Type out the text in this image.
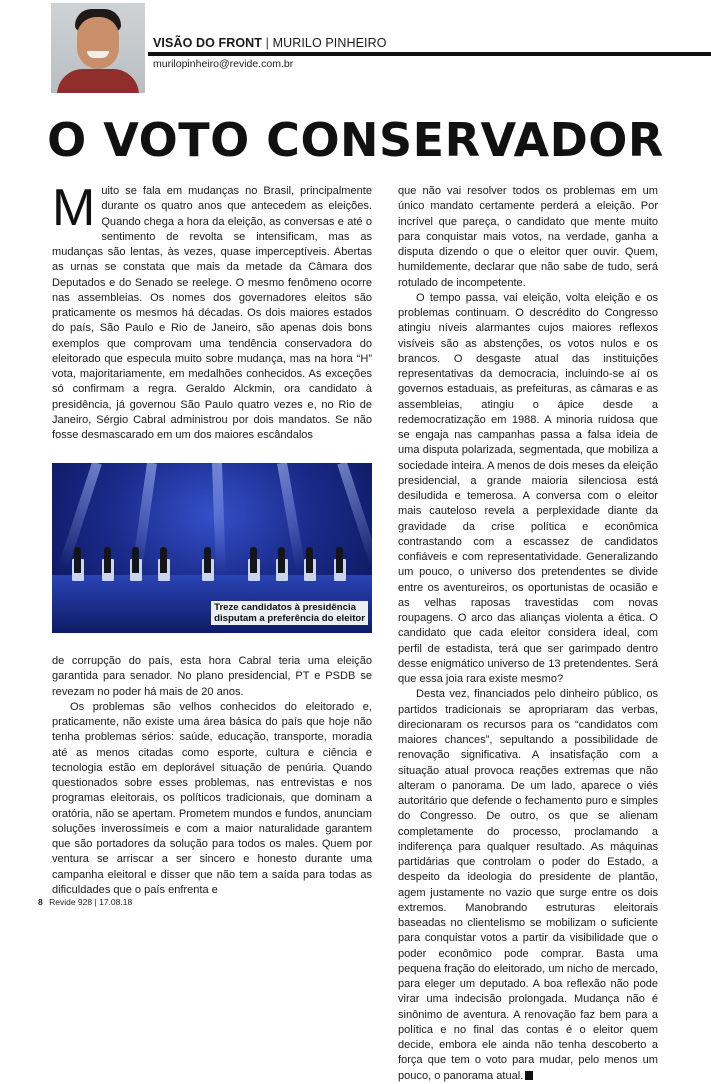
VISÃO DO FRONT | MURILO PINHEIRO
murilopinheiro@revide.com.br
O VOTO CONSERVADOR

Muito se fala em mudanças no Brasil, principalmente durante os quatro anos que antecedem as eleições. Quando chega a hora da eleição, as conversas e até o sentimento de revolta se intensificam, mas as mudanças são lentas, às vezes, quase imperceptíveis. Abertas as urnas se constata que mais da metade da Câmara dos Deputados e do Senado se reelege. O mesmo fenômeno ocorre nas assembleias. Os nomes dos governadores eleitos são praticamente os mesmos há décadas. Os dois maiores estados do país, São Paulo e Rio de Janeiro, são apenas dois bons exemplos que comprovam uma tendência conservadora do eleitorado que especula muito sobre mudança, mas na hora “H” vota, majoritariamente, em medalhões conhecidos. As exceções só confirmam a regra. Geraldo Alckmin, ora candidato à presidência, já governou São Paulo quatro vezes e, no Rio de Janeiro, Sérgio Cabral administrou por dois mandatos. Se não fosse desmascarado em um dos maiores escândalos

Treze candidatos à presidência
disputam a preferência do eleitor

de corrupção do país, esta hora Cabral teria uma eleição garantida para senador. No plano presidencial, PT e PSDB se revezam no poder há mais de 20 anos.

Os problemas são velhos conhecidos do eleitorado e, praticamente, não existe uma área básica do país que hoje não tenha problemas sérios: saúde, educação, transporte, moradia até as menos citadas como esporte, cultura e ciência e tecnologia estão em deplorável situação de penúria. Quando questionados sobre esses problemas, nas entrevistas e nos programas eleitorais, os políticos tradicionais, que dominam a oratória, não se apertam. Prometem mundos e fundos, anunciam soluções inverossímeis e com a maior naturalidade garantem que são portadores da solução para todos os males. Quem por ventura se arriscar a ser sincero e honesto durante uma campanha eleitoral e disser que não tem a saída para todas as dificuldades que o país enfrenta e

que não vai resolver todos os problemas em um único mandato certamente perderá a eleição. Por incrível que pareça, o candidato que mente muito para conquistar mais votos, na verdade, ganha a disputa dizendo o que o eleitor quer ouvir. Quem, humildemente, declarar que não sabe de tudo, será rotulado de incompetente.

O tempo passa, vai eleição, volta eleição e os problemas continuam. O descrédito do Congresso atingiu níveis alarmantes cujos maiores reflexos visíveis são as abstenções, os votos nulos e os brancos. O desgaste atual das instituições representativas da democracia, incluindo-se aí os governos estaduais, as prefeituras, as câmaras e as assembleias, atingiu o ápice desde a redemocratização em 1988. A minoria ruidosa que se engaja nas campanhas passa a falsa ideia de uma disputa polarizada, segmentada, que mobiliza a sociedade inteira. A menos de dois meses da eleição presidencial, a grande maioria silenciosa está desiludida e temerosa. A conversa com o eleitor mais cauteloso revela a perplexidade diante da gravidade da crise política e econômica contrastando com a escassez de candidatos confiáveis e com representatividade. Generalizando um pouco, o universo dos pretendentes se divide entre os aventureiros, os oportunistas de ocasião e as velhas raposas travestidas com novas roupagens. O arco das alianças violenta a ética. O candidato que cada eleitor considera ideal, com perfil de estadista, terá que ser garimpado dentro desse enigmático universo de 13 pretendentes. Será que essa joia rara existe mesmo?

Desta vez, financiados pelo dinheiro público, os partidos tradicionais se apropriaram das verbas, direcionaram os recursos para os “candidatos com maiores chances”, sepultando a possibilidade de renovação significativa. A insatisfação com a situação atual provoca reações extremas que não alteram o panorama. De um lado, aparece o viés autoritário que defende o fechamento puro e simples do Congresso. De outro, os que se alienam completamente do processo, proclamando a indiferença para qualquer resultado. As máquinas partidárias que controlam o poder do Estado, a despeito da ideologia do presidente de plantão, agem justamente no vazio que surge entre os dois extremos. Manobrando estruturas eleitorais baseadas no clientelismo se mobilizam o suficiente para conquistar votos a partir da visibilidade que o poder econômico pode comprar. Basta uma pequena fração do eleitorado, um nicho de mercado, para eleger um deputado. A boa reflexão não pode virar uma indecisão prolongada. Mudança não é sinônimo de aventura. A renovação faz bem para a política e no final das contas é o eleitor quem decide, embora ele ainda não tenha descoberto a força que tem o voto para mudar, pelo menos um pouco, o panorama atual.	r

8 Revide 928 | 17.08.18
